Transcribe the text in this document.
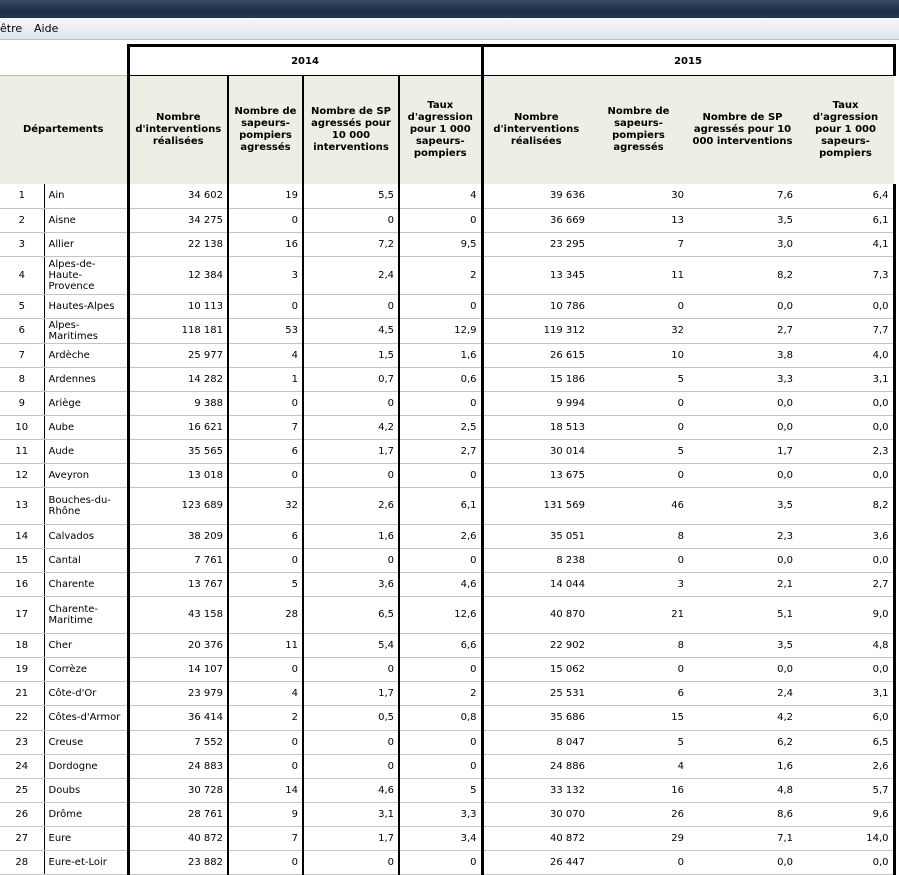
être Aide
		2014				2015			
Départements		Nombre d'interventions réalisées	Nombre de sapeurs-pompiers agressés	Nombre de SP agressés pour 10 000 interventions	Taux d'agression pour 1 000 sapeurs-pompiers	Nombre d'interventions réalisées	Nombre de sapeurs-pompiers agressés	Nombre de SP agressés pour 10 000 interventions	Taux d'agression pour 1 000 sapeurs-pompiers
1	Ain	34 602	19	5,5	4	39 636	30	7,6	6,4
2	Aisne	34 275	0	0	0	36 669	13	3,5	6,1
3	Allier	22 138	16	7,2	9,5	23 295	7	3,0	4,1
4	Alpes-de-Haute-Provence	12 384	3	2,4	2	13 345	11	8,2	7,3
5	Hautes-Alpes	10 113	0	0	0	10 786	0	0,0	0,0
6	Alpes-Maritimes	118 181	53	4,5	12,9	119 312	32	2,7	7,7
7	Ardèche	25 977	4	1,5	1,6	26 615	10	3,8	4,0
8	Ardennes	14 282	1	0,7	0,6	15 186	5	3,3	3,1
9	Ariège	9 388	0	0	0	9 994	0	0,0	0,0
10	Aube	16 621	7	4,2	2,5	18 513	0	0,0	0,0
11	Aude	35 565	6	1,7	2,7	30 014	5	1,7	2,3
12	Aveyron	13 018	0	0	0	13 675	0	0,0	0,0
13	Bouches-du-Rhône	123 689	32	2,6	6,1	131 569	46	3,5	8,2
14	Calvados	38 209	6	1,6	2,6	35 051	8	2,3	3,6
15	Cantal	7 761	0	0	0	8 238	0	0,0	0,0
16	Charente	13 767	5	3,6	4,6	14 044	3	2,1	2,7
17	Charente-Maritime	43 158	28	6,5	12,6	40 870	21	5,1	9,0
18	Cher	20 376	11	5,4	6,6	22 902	8	3,5	4,8
19	Corrèze	14 107	0	0	0	15 062	0	0,0	0,0
21	Côte-d'Or	23 979	4	1,7	2	25 531	6	2,4	3,1
22	Côtes-d'Armor	36 414	2	0,5	0,8	35 686	15	4,2	6,0
23	Creuse	7 552	0	0	0	8 047	5	6,2	6,5
24	Dordogne	24 883	0	0	0	24 886	4	1,6	2,6
25	Doubs	30 728	14	4,6	5	33 132	16	4,8	5,7
26	Drôme	28 761	9	3,1	3,3	30 070	26	8,6	9,6
27	Eure	40 872	7	1,7	3,4	40 872	29	7,1	14,0
28	Eure-et-Loir	23 882	0	0	0	26 447	0	0,0	0,0
